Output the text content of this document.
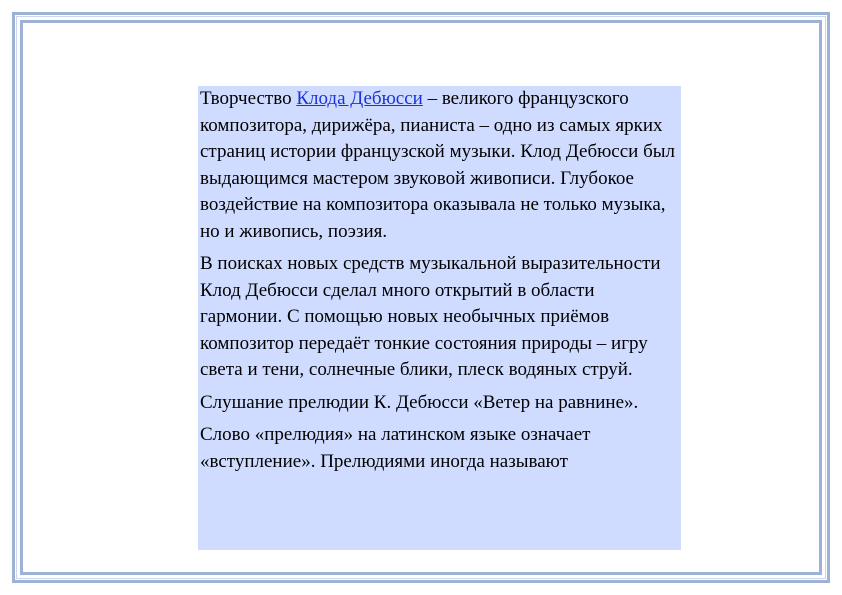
Творчество Клода Дебюсси – великого французского композитора, дирижёра, пианиста – одно из самых ярких страниц истории французской музыки. Клод Дебюсси был выдающимся мастером звуковой живописи. Глубокое воздействие на композитора оказывала не только музыка, но и живопись, поэзия.

В поисках новых средств музыкальной выразительности Клод Дебюсси сделал много открытий в области гармонии. С помощью новых необычных приёмов композитор передаёт тонкие состояния природы – игру света и тени, солнечные блики, плеск водяных струй.

Слушание прелюдии К. Дебюсси «Ветер на равнине».

Слово «прелюдия» на латинском языке означает «вступление». Прелюдиями иногда называют
